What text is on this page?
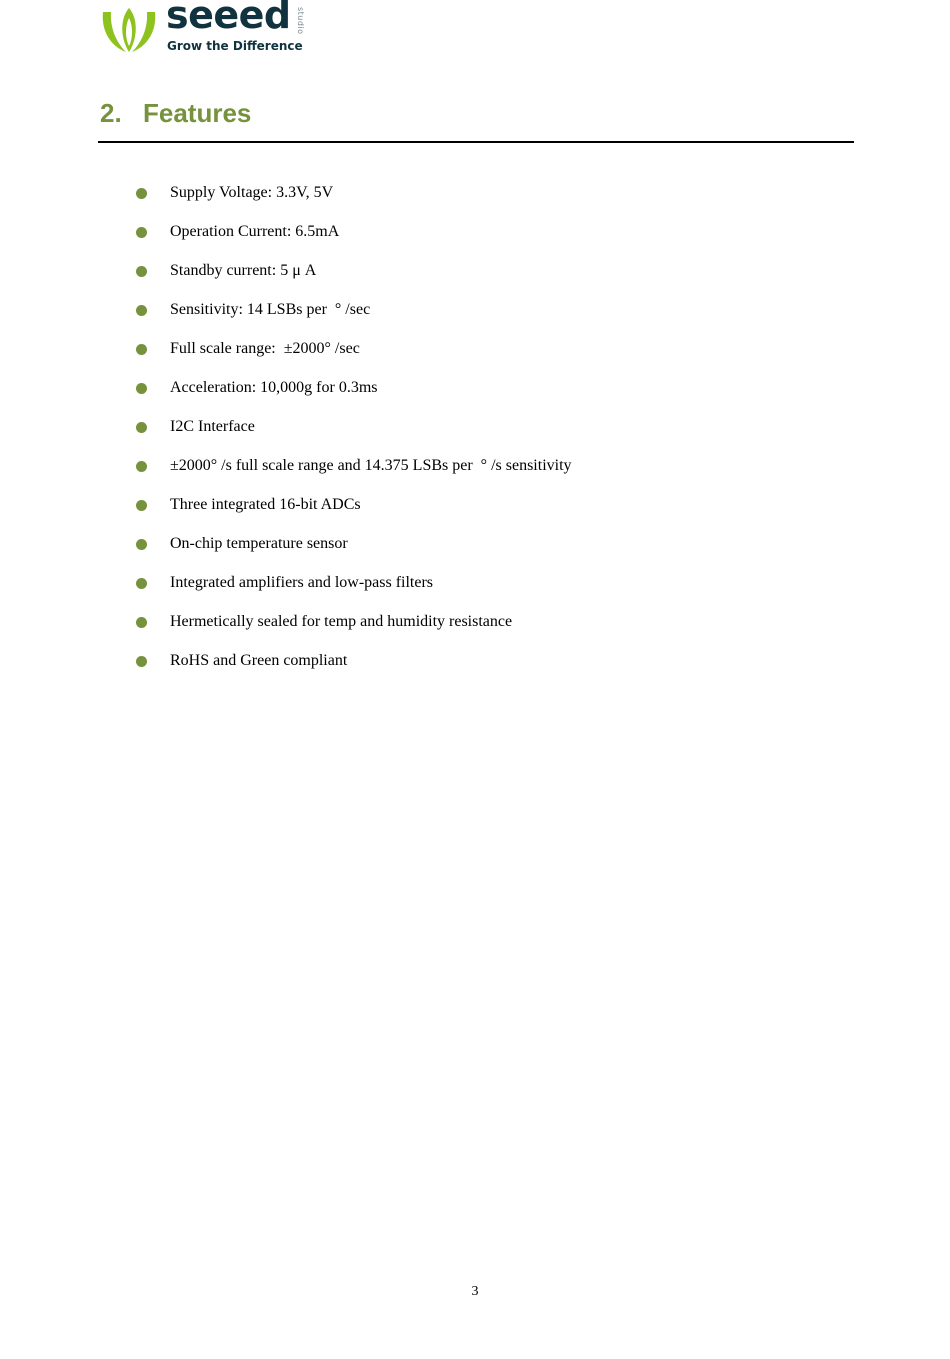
seeed studio
Grow the Difference
2. Features
Supply Voltage: 3.3V, 5V
Operation Current: 6.5mA
Standby current: 5 μ A
Sensitivity: 14 LSBs per  ° /sec
Full scale range:  ±2000° /sec
Acceleration: 10,000g for 0.3ms
I2C Interface
±2000° /s full scale range and 14.375 LSBs per  ° /s sensitivity
Three integrated 16-bit ADCs
On-chip temperature sensor
Integrated amplifiers and low-pass filters
Hermetically sealed for temp and humidity resistance
RoHS and Green compliant
3
